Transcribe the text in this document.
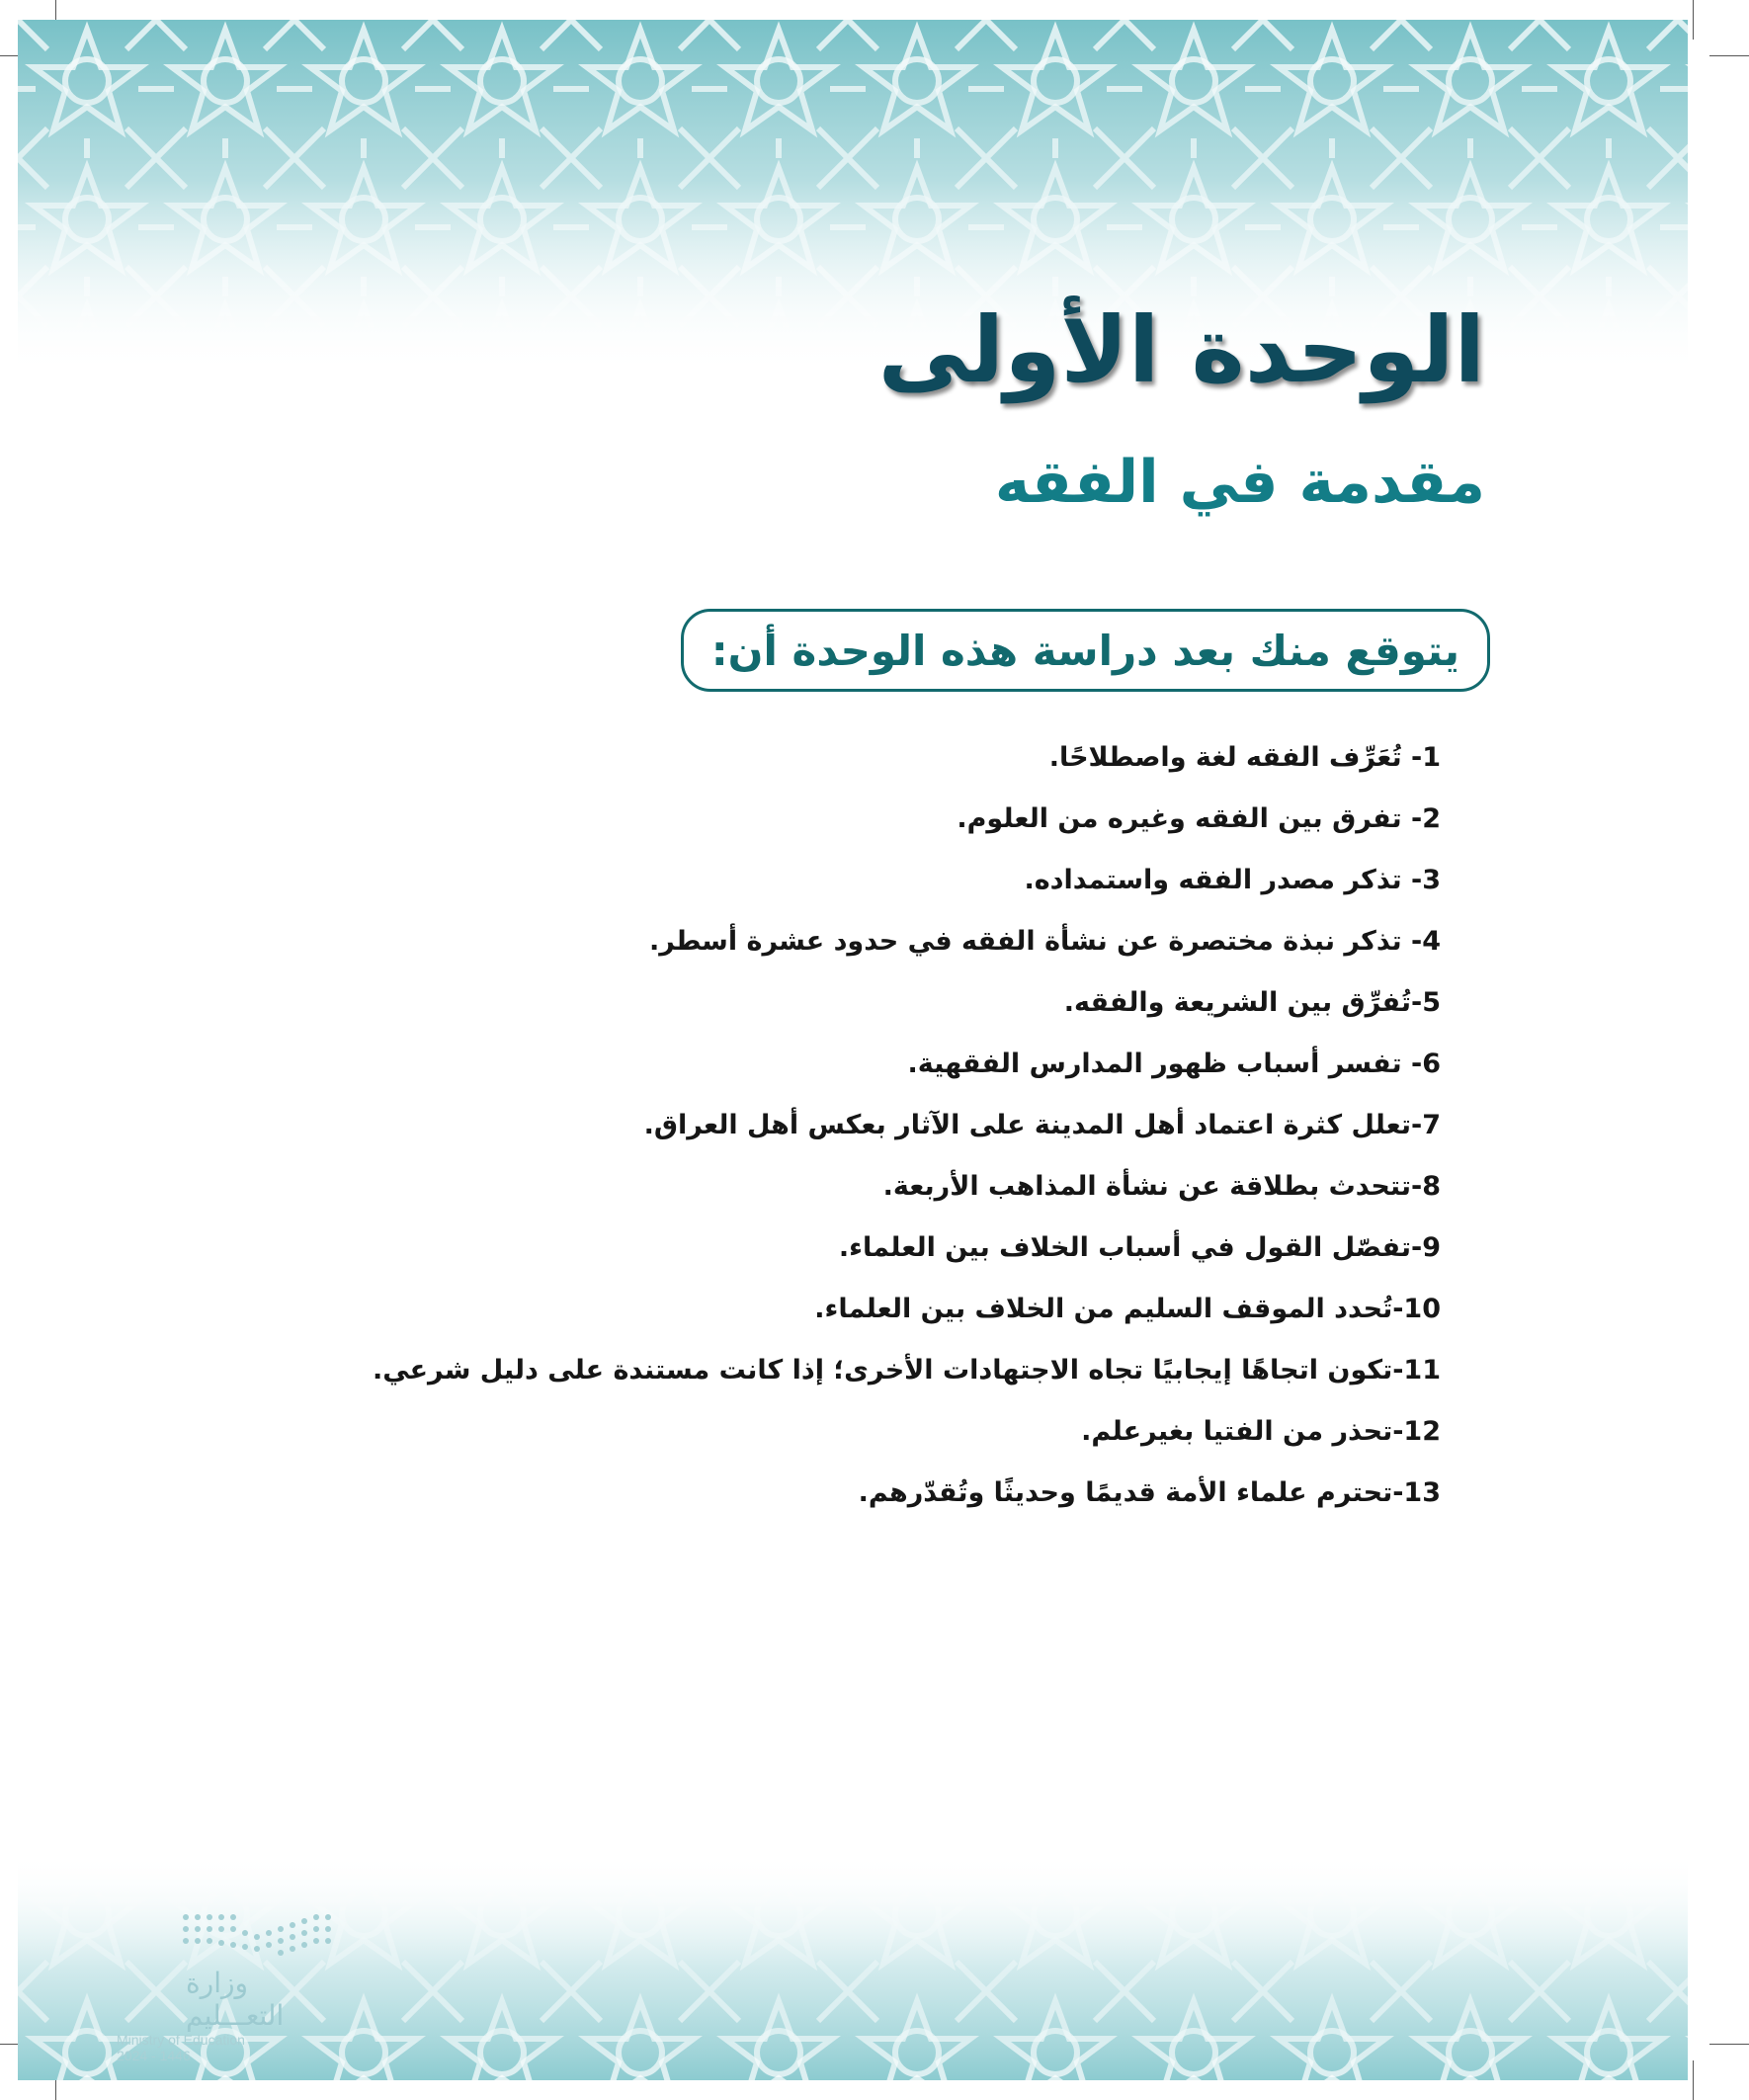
الوحدة الأولى
مقدمة في الفقه
يتوقع منك بعد دراسة هذه الوحدة أن:
1- تُعَرِّف الفقه لغة واصطلاحًا.
2- تفرق بين الفقه وغيره من العلوم.
3- تذكر مصدر الفقه واستمداده.
4- تذكر نبذة مختصرة عن نشأة الفقه في حدود عشرة أسطر.
5-تُفرِّق بين الشريعة والفقه.
6- تفسر أسباب ظهور المدارس الفقهية.
7-تعلل كثرة اعتماد أهل المدينة على الآثار بعكس أهل العراق.
8-تتحدث بطلاقة عن نشأة المذاهب الأربعة.
9-تفصّل القول في أسباب الخلاف بين العلماء.
10-تُحدد الموقف السليم من الخلاف بين العلماء.
11-تكون اتجاهًا إيجابيًا تجاه الاجتهادات الأخرى؛ إذا كانت مستندة على دليل شرعي.
12-تحذر من الفتيا بغيرعلم.
13-تحترم علماء الأمة قديمًا وحديثًا وتُقدّرهم.
وزارة التعـــليم
Ministry of Education
2024 - 1446
